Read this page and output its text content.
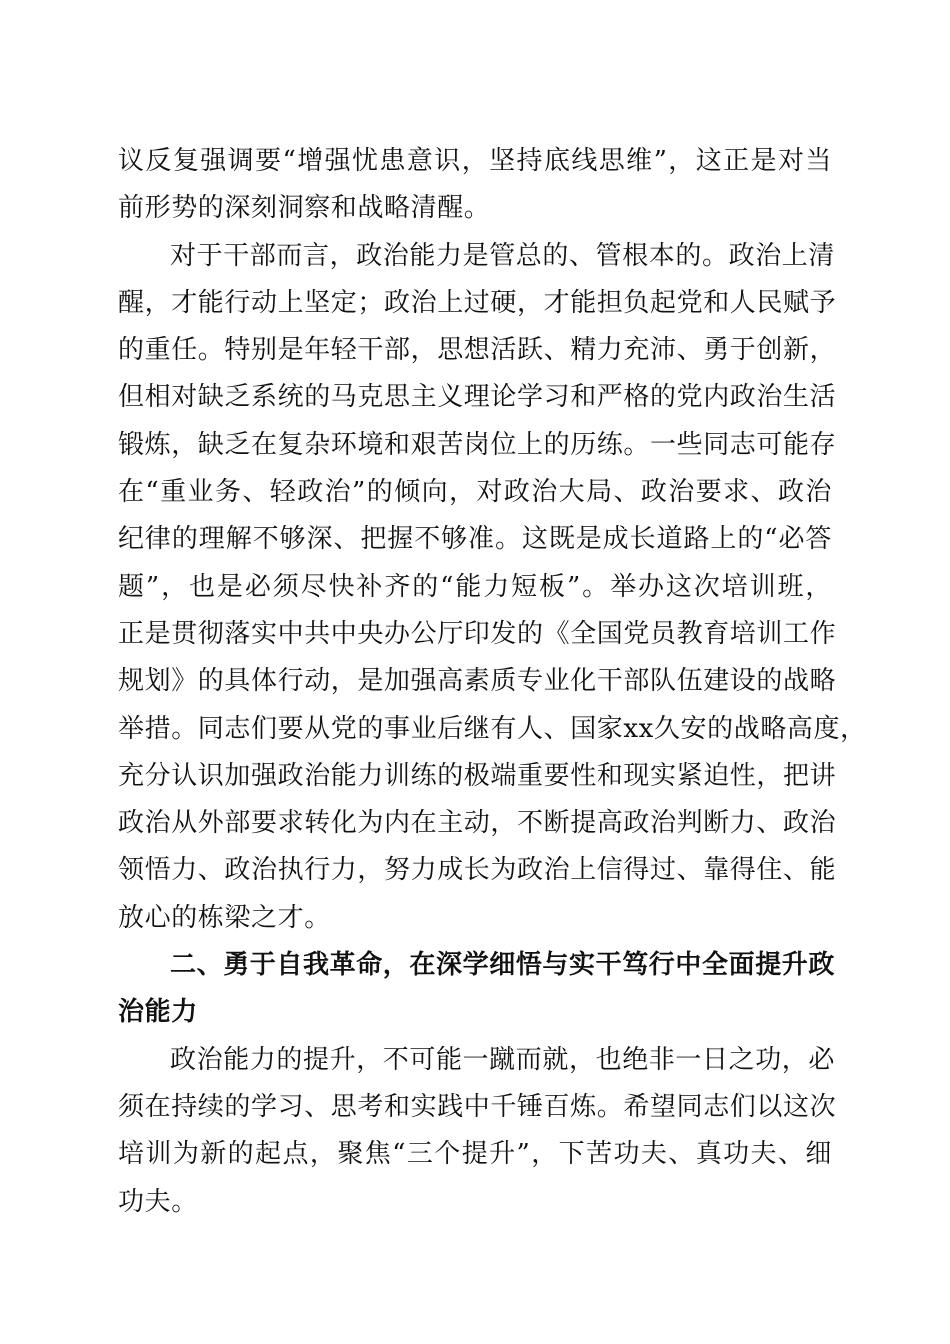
议反复强调要“增强忧患意识，坚持底线思维”，这正是对当
前形势的深刻洞察和战略清醒。
对于干部而言，政治能力是管总的、管根本的。政治上清
醒，才能行动上坚定；政治上过硬，才能担负起党和人民赋予
的重任。特别是年轻干部，思想活跃、精力充沛、勇于创新，
但相对缺乏系统的马克思主义理论学习和严格的党内政治生活
锻炼，缺乏在复杂环境和艰苦岗位上的历练。一些同志可能存
在“重业务、轻政治”的倾向，对政治大局、政治要求、政治
纪律的理解不够深、把握不够准。这既是成长道路上的“必答
题”，也是必须尽快补齐的“能力短板”。举办这次培训班，
正是贯彻落实中共中央办公厅印发的《全国党员教育培训工作
规划》的具体行动，是加强高素质专业化干部队伍建设的战略
举措。同志们要从党的事业后继有人、国家xx久安的战略高度，
充分认识加强政治能力训练的极端重要性和现实紧迫性，把讲
政治从外部要求转化为内在主动，不断提高政治判断力、政治
领悟力、政治执行力，努力成长为政治上信得过、靠得住、能
放心的栋梁之才。
二、勇于自我革命，在深学细悟与实干笃行中全面提升政
治能力
政治能力的提升，不可能一蹴而就，也绝非一日之功，必
须在持续的学习、思考和实践中千锤百炼。希望同志们以这次
培训为新的起点，聚焦“三个提升”，下苦功夫、真功夫、细
功夫。
